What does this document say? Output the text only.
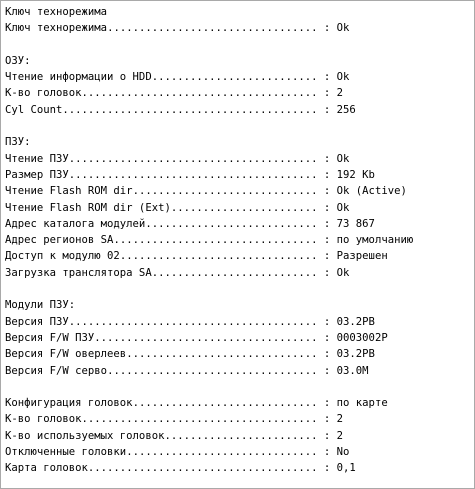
Ключ технорежима
Ключ технорежима................................. : Ok
ОЗУ:
Чтение информации о HDD.......................... : Ok
К-во головок..................................... : 2
Cyl Count........................................ : 256
ПЗУ:
Чтение ПЗУ....................................... : Ok
Размер ПЗУ....................................... : 192 Kb
Чтение Flash ROM dir............................. : Ok (Active)
Чтение Flash ROM dir (Ext)....................... : Ok
Адрес каталога модулей........................... : 73 867
Адрес регионов SA................................ : по умолчанию
Доступ к модулю 02............................... : Разрешен
Загрузка транслятора SA.......................... : Ok
Модули ПЗУ:
Версия ПЗУ....................................... : 03.2PB
Версия F/W ПЗУ................................... : 0003002P
Версия F/W оверлеев.............................. : 03.2PB
Версия F/W серво................................. : 03.0M
Конфигурация головок............................. : по карте
К-во головок..................................... : 2
К-во используемых головок........................ : 2
Отключенные головки.............................. : No
Карта головок.................................... : 0,1
